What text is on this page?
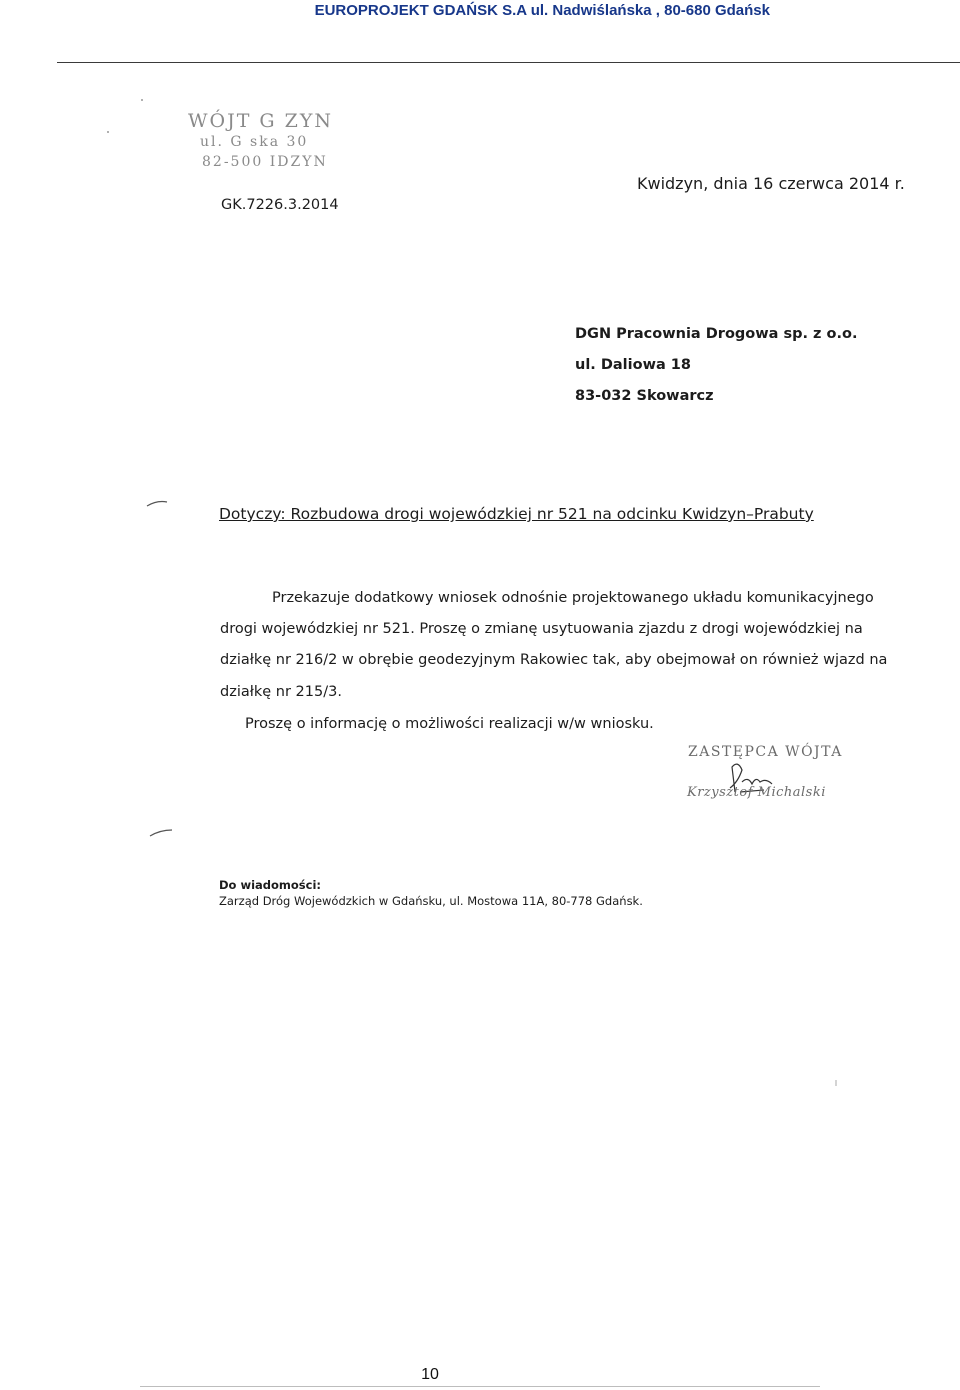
EUROPROJEKT GDAŃSK S.A ul. Nadwiślańska , 80-680 Gdańsk
WÓJT G ZYN
ul. G ska 30
82-500 IDZYN
GK.7226.3.2014
Kwidzyn, dnia 16 czerwca 2014 r.
DGN Pracownia Drogowa sp. z o.o.
ul. Daliowa 18
83-032 Skowarcz
Dotyczy: Rozbudowa drogi wojewódzkiej nr 521 na odcinku Kwidzyn–Prabuty
Przekazuje dodatkowy wniosek odnośnie projektowanego układu komunikacyjnego
drogi wojewódzkiej nr 521. Proszę o zmianę usytuowania zjazdu z drogi wojewódzkiej na
działkę nr 216/2 w obrębie geodezyjnym Rakowiec tak, aby obejmował on również wjazd na
działkę nr 215/3.
Proszę o informację o możliwości realizacji w/w wniosku.
ZASTĘPCA WÓJTA
Krzysztof Michalski
Do wiadomości:
Zarząd Dróg Wojewódzkich w Gdańsku, ul. Mostowa 11A, 80-778 Gdańsk.
10
